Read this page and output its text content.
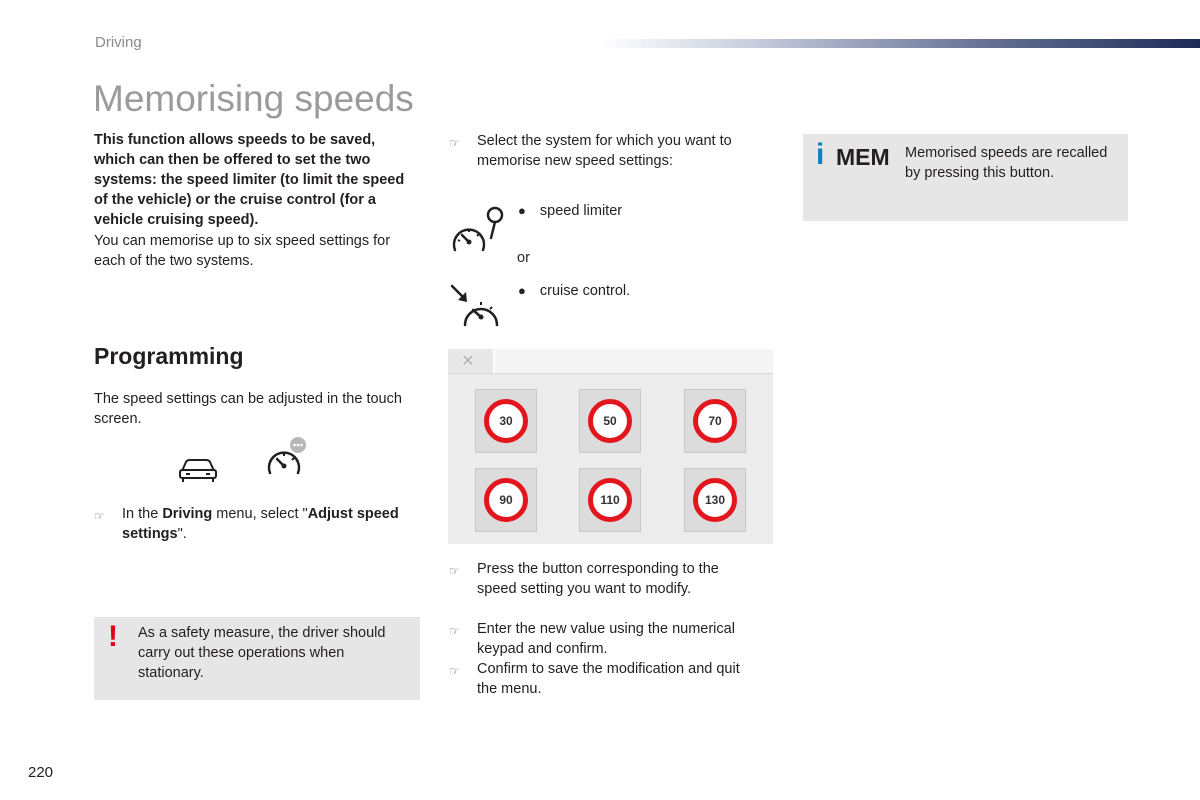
Driving
Memorising speeds
This function allows speeds to be saved, which can then be offered to set the two systems: the speed limiter (to limit the speed of the vehicle) or the cruise control (for a vehicle cruising speed).
You can memorise up to six speed settings for each of the two systems.
☞	Select the system for which you want to memorise new speed settings:
● speed limiter
or
● cruise control.
i MEM Memorised speeds are recalled by pressing this button.
Programming
The speed settings can be adjusted in the touch screen.
☞	In the Driving menu, select "Adjust speed settings".
! As a safety measure, the driver should carry out these operations when stationary.
×
30	50	70
90	110	130
☞	Press the button corresponding to the speed setting you want to modify.
☞	Enter the new value using the numerical keypad and confirm.
☞	Confirm to save the modification and quit the menu.
220
